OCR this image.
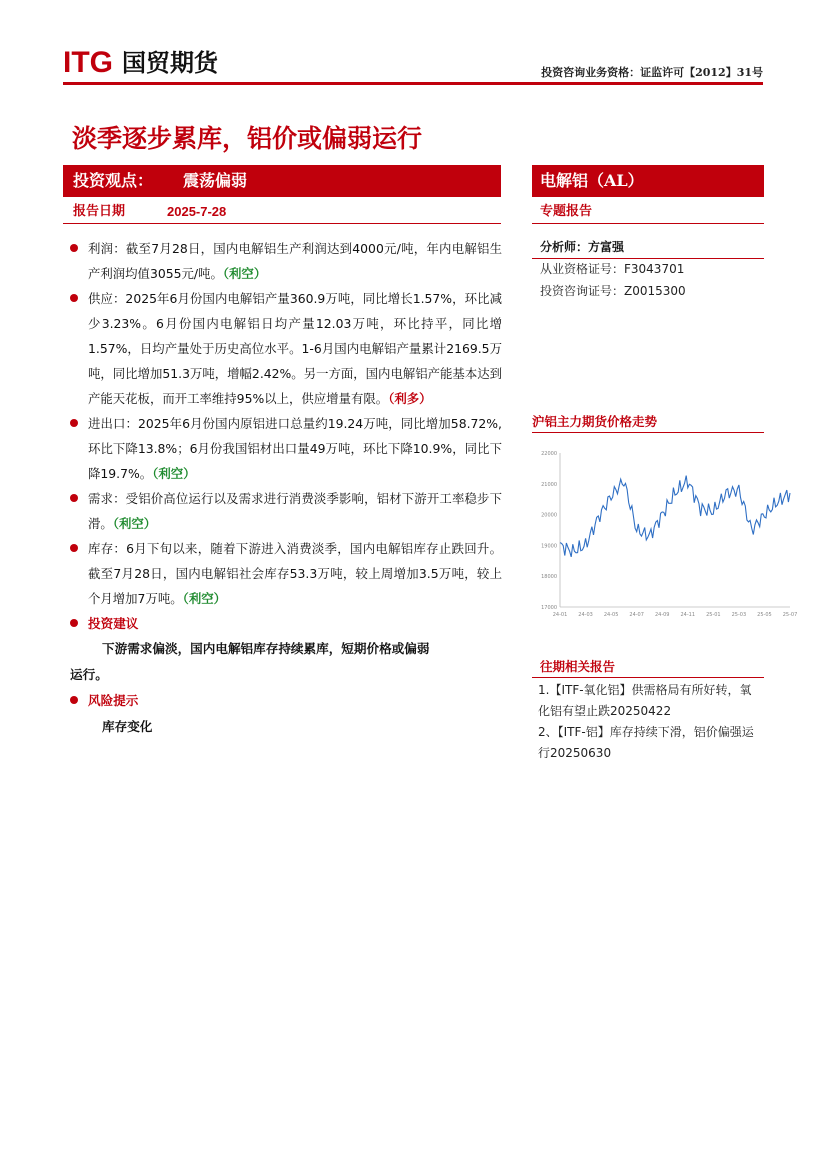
ITG 国贸期货	投资咨询业务资格：证监许可【2012】31号
淡季逐步累库，铝价或偏弱运行
投资观点： 震荡偏弱
报告日期	2025-7-28
利润：截至7月28日，国内电解铝生产利润达到4000元/吨，年内电解铝生产利润均值3055元/吨。（利空）
供应：2025年6月份国内电解铝产量360.9万吨，同比增长1.57%，环比减少3.23%。6月份国内电解铝日均产量12.03万吨，环比持平，同比增1.57%，日均产量处于历史高位水平。1-6月国内电解铝产量累计2169.5万吨，同比增加51.3万吨，增幅2.42%。另一方面，国内电解铝产能基本达到产能天花板，而开工率维持95%以上，供应增量有限。（利多）
进出口：2025年6月份国内原铝进口总量约19.24万吨，同比增加58.72%,环比下降13.8%；6月份我国铝材出口量49万吨，环比下降10.9%，同比下降19.7%。（利空）
需求：受铝价高位运行以及需求进行消费淡季影响，铝材下游开工率稳步下滑。（利空）
库存：6月下旬以来，随着下游进入消费淡季，国内电解铝库存止跌回升。截至7月28日，国内电解铝社会库存53.3万吨，较上周增加3.5万吨，较上个月增加7万吨。（利空）
投资建议
下游需求偏淡，国内电解铝库存持续累库，短期价格或偏弱
运行。
风险提示
库存变化
电解铝（AL）
专题报告
分析师：方富强
从业资格证号：F3043701
投资咨询证号：Z0015300
沪铝主力期货价格走势
17000
18000
19000
20000
21000
22000
24-01 24-03 24-05 24-07 24-09 24-11 25-01 25-03 25-05 25-07
往期相关报告
1.【ITF-氧化铝】供需格局有所好转，氧化铝有望止跌20250422
2、【ITF-铝】库存持续下滑，铝价偏强运行20250630
